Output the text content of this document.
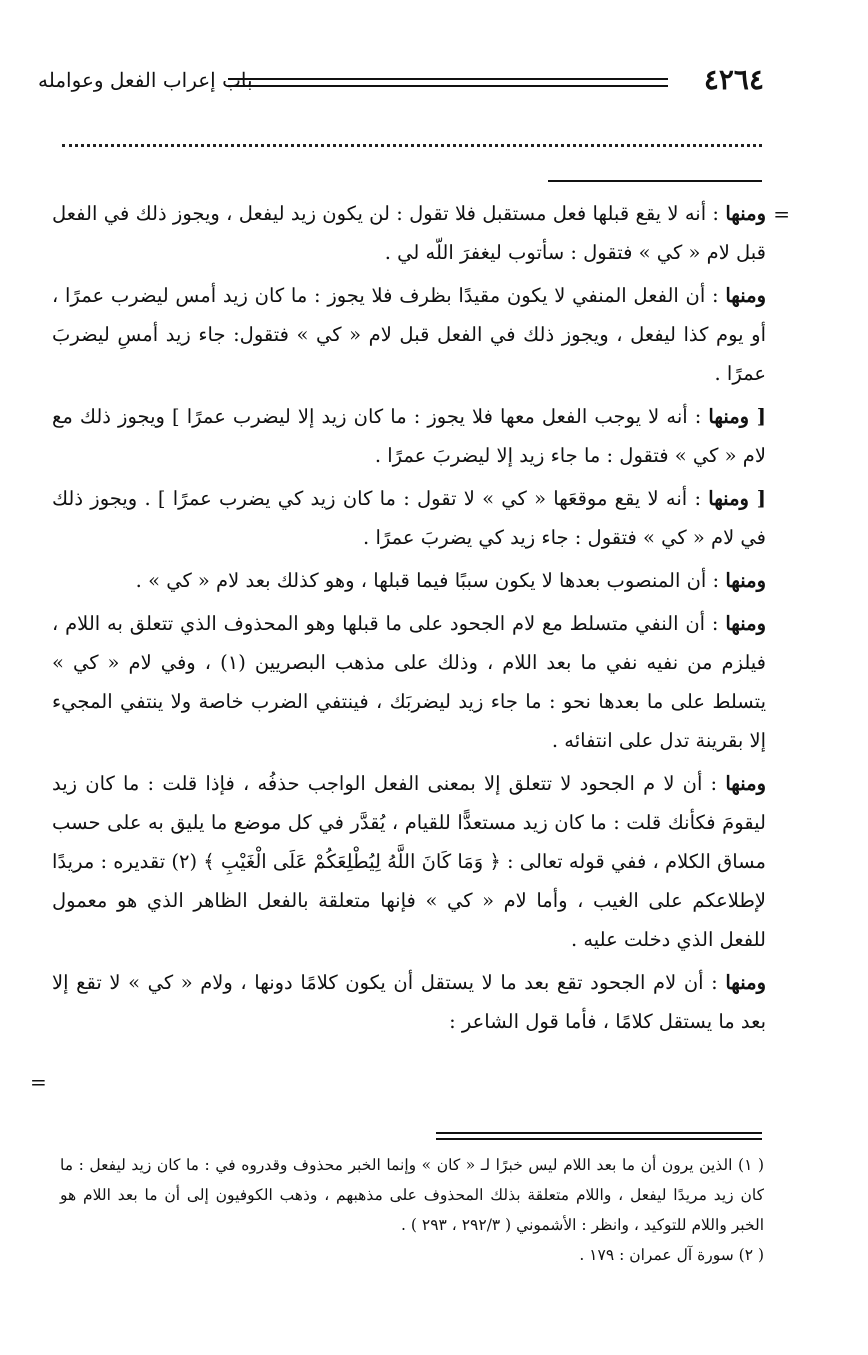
٤٢٦٤
باب إعراب الفعل وعوامله
=

ومنها : أنه لا يقع قبلها فعل مستقبل فلا تقول : لن يكون زيد ليفعل ، ويجوز ذلك في الفعل قبل لام « كي » فتقول : سأتوب ليغفرَ اللّه لي .

ومنها : أن الفعل المنفي لا يكون مقيدًا بظرف فلا يجوز : ما كان زيد أمس ليضرب عمرًا ، أو يوم كذا ليفعل ، ويجوز ذلك في الفعل قبل لام « كي » فتقول: جاء زيد أمسِ ليضربَ عمرًا .

[ ومنها : أنه لا يوجب الفعل معها فلا يجوز : ما كان زيد إلا ليضرب عمرًا ] ويجوز ذلك مع لام « كي » فتقول : ما جاء زيد إلا ليضربَ عمرًا .

[ ومنها : أنه لا يقع موقعَها « كي » لا تقول : ما كان زيد كي يضرب عمرًا ] . ويجوز ذلك في لام « كي » فتقول : جاء زيد كي يضربَ عمرًا .

ومنها : أن المنصوب بعدها لا يكون سببًا فيما قبلها ، وهو كذلك بعد لام « كي » .

ومنها : أن النفي متسلط مع لام الجحود على ما قبلها وهو المحذوف الذي تتعلق به اللام ، فيلزم من نفيه نفي ما بعد اللام ، وذلك على مذهب البصريين (١) ، وفي لام « كي » يتسلط على ما بعدها نحو : ما جاء زيد ليضربَك ، فينتفي الضرب خاصة ولا ينتفي المجيء إلا بقرينة تدل على انتفائه .

ومنها : أن لا م الجحود لا تتعلق إلا بمعنى الفعل الواجب حذفُه ، فإذا قلت : ما كان زيد ليقومَ فكأنك قلت : ما كان زيد مستعدًّا للقيام ، يُقدَّر في كل موضع ما يليق به على حسب مساق الكلام ، ففي قوله تعالى : ﴿ وَمَا كَانَ اللَّهُ لِيُطْلِعَكُمْ عَلَى الْغَيْبِ ﴾ (٢) تقديره : مريدًا لإطلاعكم على الغيب ، وأما لام « كي » فإنها متعلقة بالفعل الظاهر الذي هو معمول للفعل الذي دخلت عليه .

ومنها : أن لام الجحود تقع بعد ما لا يستقل أن يكون كلامًا دونها ، ولام « كي » لا تقع إلا بعد ما يستقل كلامًا ، فأما قول الشاعر :

=

( ١) الذين يرون أن ما بعد اللام ليس خبرًا لـ « كان » وإنما الخبر محذوف وقدروه في : ما كان زيد ليفعل : ما كان زيد مريدًا ليفعل ، واللام متعلقة بذلك المحذوف على مذهبهم ، وذهب الكوفيون إلى أن ما بعد اللام هو الخبر واللام للتوكيد ، وانظر : الأشموني ( ٢٩٢/٣ ، ٢٩٣ ) .

( ٢) سورة آل عمران : ١٧٩ .
